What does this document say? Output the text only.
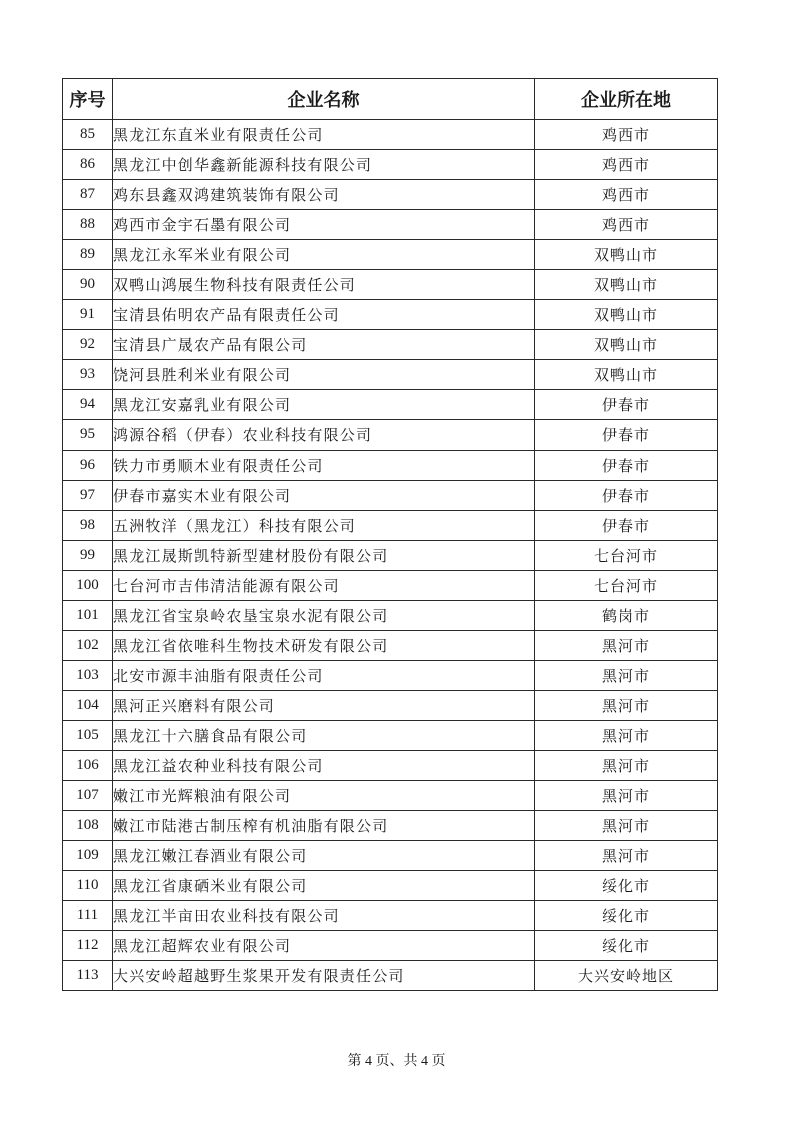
序号	企业名称	企业所在地
85	黑龙江东直米业有限责任公司	鸡西市
86	黑龙江中创华鑫新能源科技有限公司	鸡西市
87	鸡东县鑫双鸿建筑装饰有限公司	鸡西市
88	鸡西市金宇石墨有限公司	鸡西市
89	黑龙江永军米业有限公司	双鸭山市
90	双鸭山鸿展生物科技有限责任公司	双鸭山市
91	宝清县佑明农产品有限责任公司	双鸭山市
92	宝清县广晟农产品有限公司	双鸭山市
93	饶河县胜利米业有限公司	双鸭山市
94	黑龙江安嘉乳业有限公司	伊春市
95	鸿源谷稻（伊春）农业科技有限公司	伊春市
96	铁力市勇顺木业有限责任公司	伊春市
97	伊春市嘉实木业有限公司	伊春市
98	五洲牧洋（黑龙江）科技有限公司	伊春市
99	黑龙江晟斯凯特新型建材股份有限公司	七台河市
100	七台河市吉伟清洁能源有限公司	七台河市
101	黑龙江省宝泉岭农垦宝泉水泥有限公司	鹤岗市
102	黑龙江省依唯科生物技术研发有限公司	黑河市
103	北安市源丰油脂有限责任公司	黑河市
104	黑河正兴磨料有限公司	黑河市
105	黑龙江十六膳食品有限公司	黑河市
106	黑龙江益农种业科技有限公司	黑河市
107	嫩江市光辉粮油有限公司	黑河市
108	嫩江市陆港古制压榨有机油脂有限公司	黑河市
109	黑龙江嫩江春酒业有限公司	黑河市
110	黑龙江省康硒米业有限公司	绥化市
111	黑龙江半亩田农业科技有限公司	绥化市
112	黑龙江超辉农业有限公司	绥化市
113	大兴安岭超越野生浆果开发有限责任公司	大兴安岭地区
第 4 页、共 4 页
